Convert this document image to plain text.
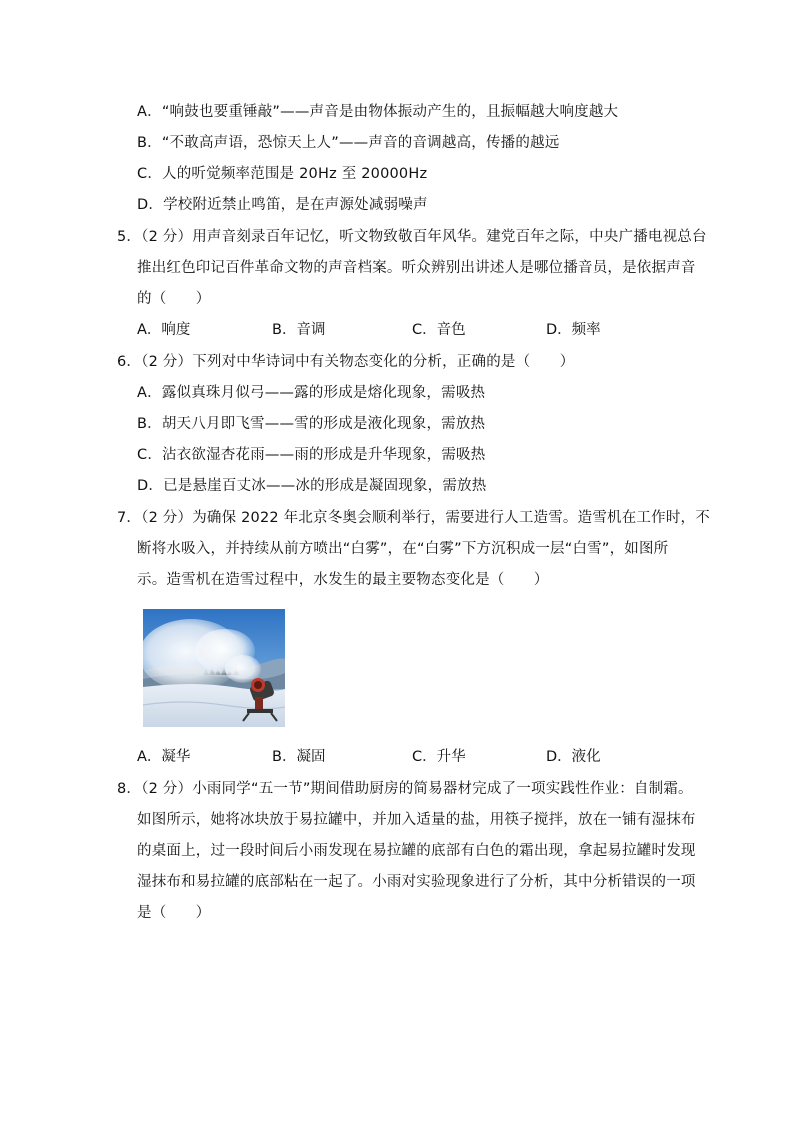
A．“响鼓也要重锤敲”——声音是由物体振动产生的，且振幅越大响度越大
B．“不敢高声语，恐惊天上人”——声音的音调越高，传播的越远
C．人的听觉频率范围是 20Hz 至 20000Hz
D．学校附近禁止鸣笛，是在声源处减弱噪声
5．（2 分）用声音刻录百年记忆，听文物致敬百年风华。建党百年之际，中央广播电视总台
推出红色印记百件革命文物的声音档案。听众辨别出讲述人是哪位播音员，是依据声音
的（　　）
A．响度	B．音调	C．音色	D．频率
6．（2 分）下列对中华诗词中有关物态变化的分析，正确的是（　　）
A．露似真珠月似弓——露的形成是熔化现象，需吸热
B．胡天八月即飞雪——雪的形成是液化现象，需放热
C．沾衣欲湿杏花雨——雨的形成是升华现象，需吸热
D．已是悬崖百丈冰——冰的形成是凝固现象，需放热
7．（2 分）为确保 2022 年北京冬奥会顺利举行，需要进行人工造雪。造雪机在工作时，不
断将水吸入，并持续从前方喷出“白雾”，在“白雾”下方沉积成一层“白雪”，如图所
示。造雪机在造雪过程中，水发生的最主要物态变化是（　　）
A．凝华	B．凝固	C．升华	D．液化
8．（2 分）小雨同学“五一节”期间借助厨房的简易器材完成了一项实践性作业：自制霜。
如图所示，她将冰块放于易拉罐中，并加入适量的盐，用筷子搅拌，放在一铺有湿抹布
的桌面上，过一段时间后小雨发现在易拉罐的底部有白色的霜出现，拿起易拉罐时发现
湿抹布和易拉罐的底部粘在一起了。小雨对实验现象进行了分析，其中分析错误的一项
是（　　）
